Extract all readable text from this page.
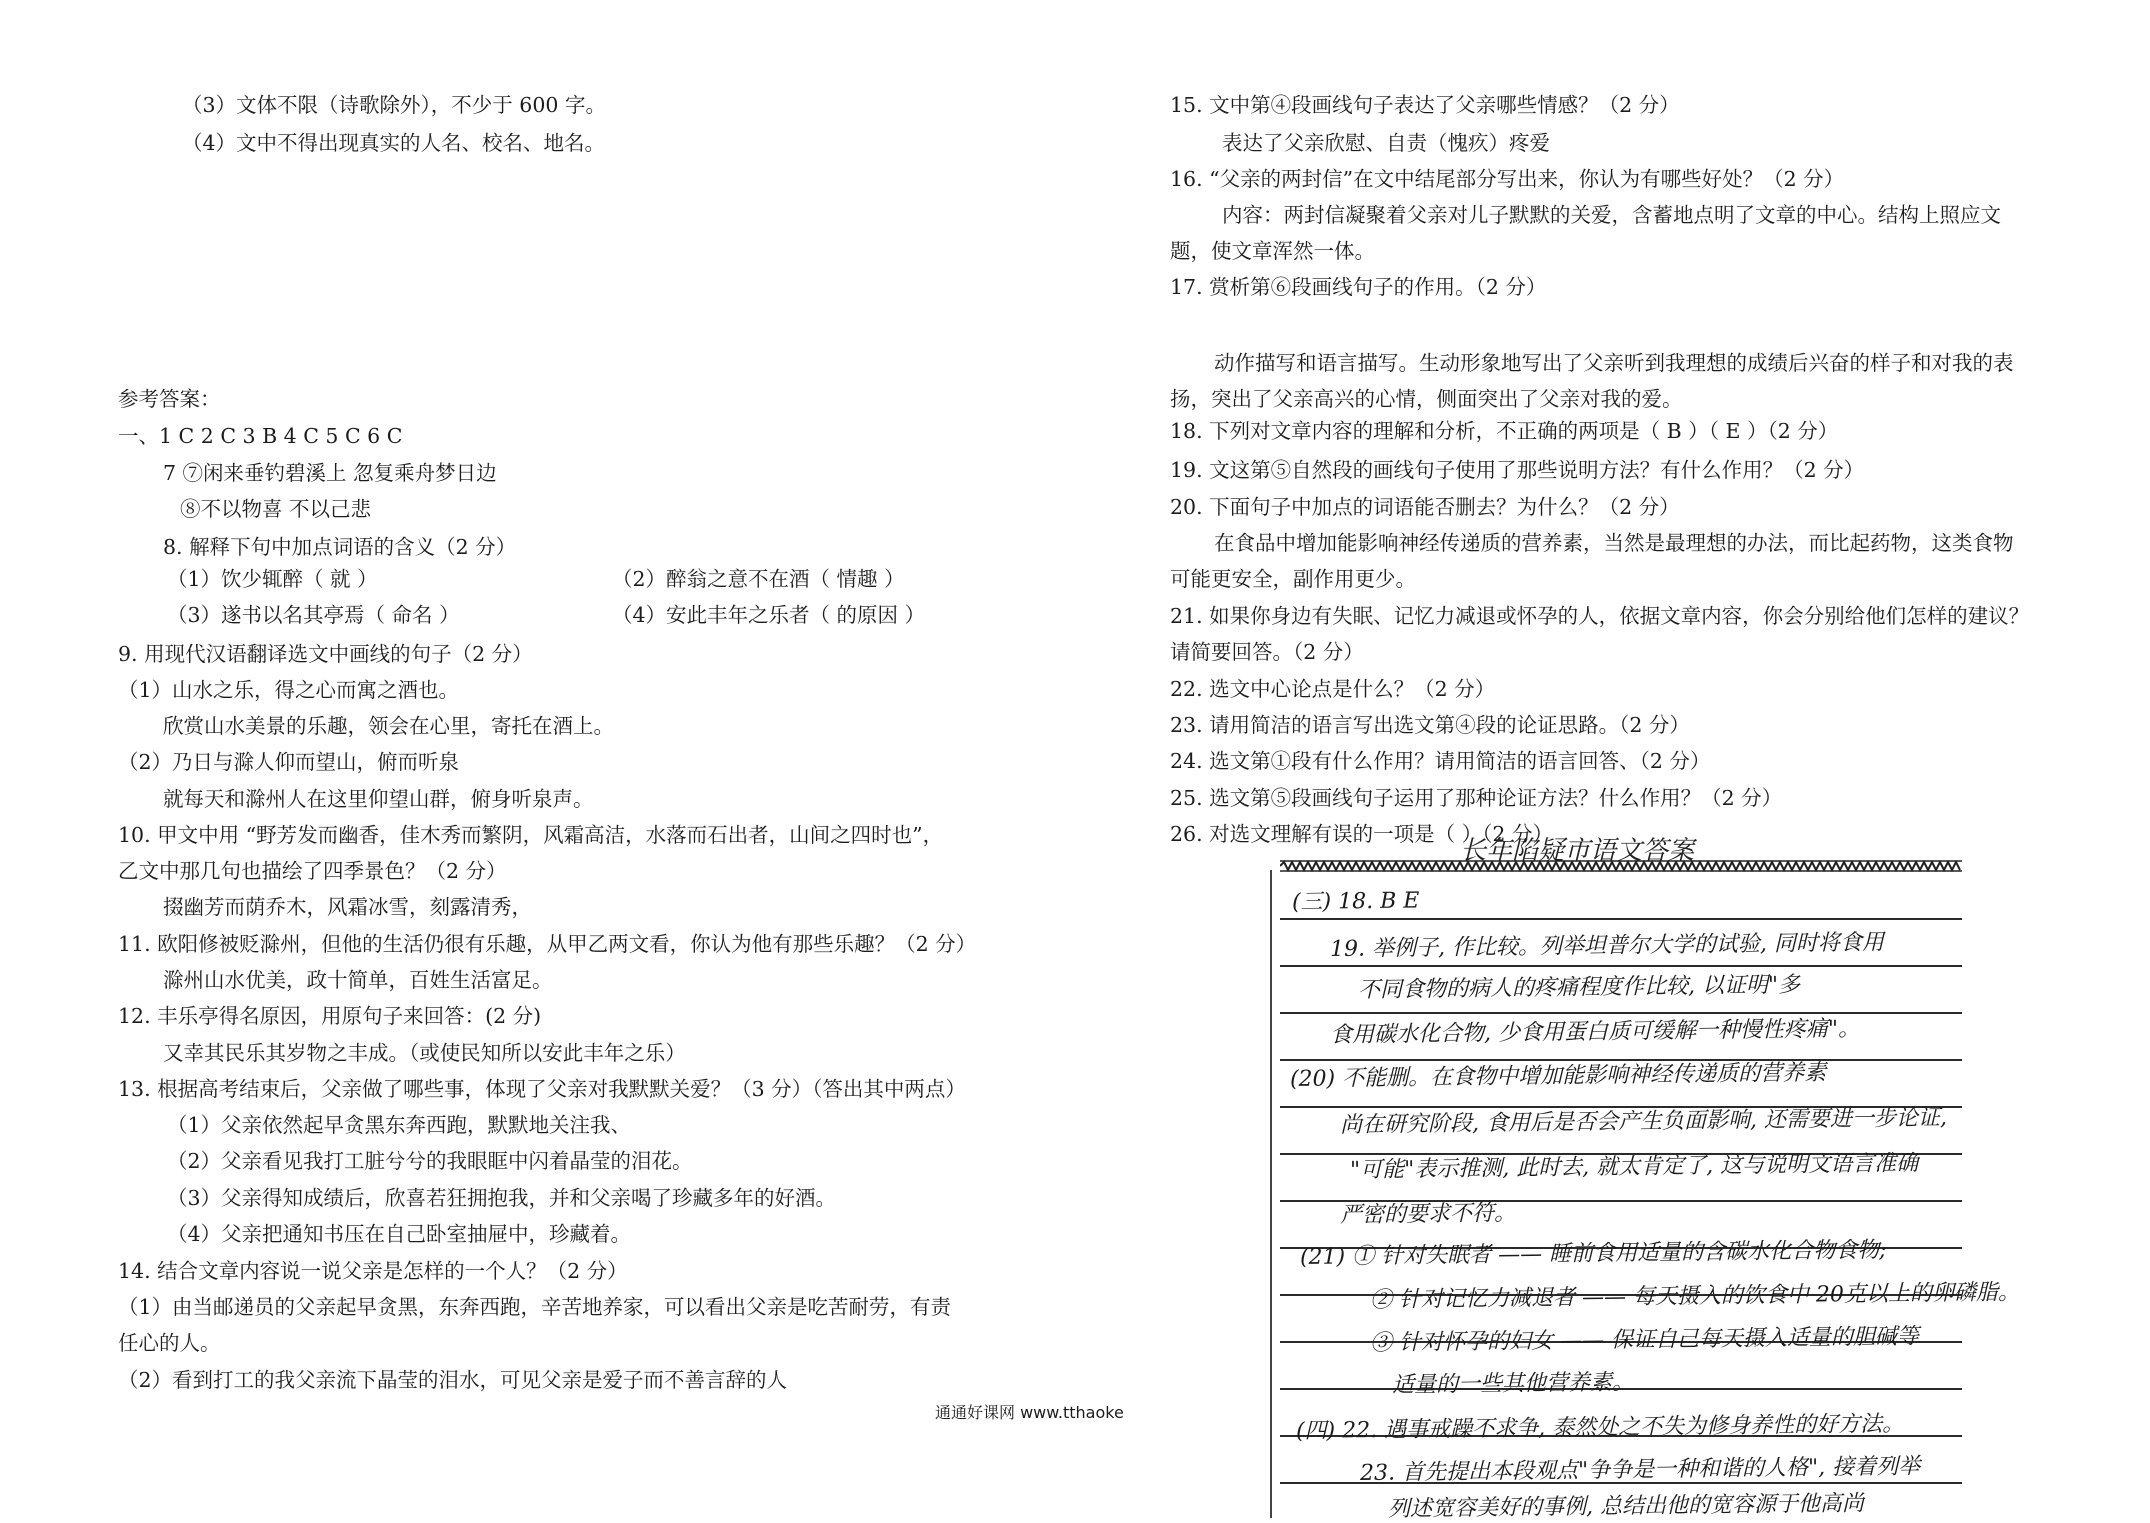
（3）文体不限（诗歌除外），不少于 600 字。
（4）文中不得出现真实的人名、校名、地名。
参考答案：
一、1 C 2 C 3 B 4 C 5 C 6 C
7 ⑦闲来垂钓碧溪上 忽复乘舟梦日边
⑧不以物喜 不以己悲
8. 解释下句中加点词语的含义（2 分）
（1）饮少辄醉（ 就 ）	（2）醉翁之意不在酒（ 情趣 ）
（3）遂书以名其亭焉（ 命名 ）	（4）安此丰年之乐者（ 的原因 ）
9. 用现代汉语翻译选文中画线的句子（2 分）
（1）山水之乐，得之心而寓之酒也。
欣赏山水美景的乐趣，领会在心里，寄托在酒上。
（2）乃日与滁人仰而望山，俯而听泉
就每天和滁州人在这里仰望山群，俯身听泉声。
10. 甲文中用 “野芳发而幽香，佳木秀而繁阴，风霜高洁，水落而石出者，山间之四时也”，
乙文中那几句也描绘了四季景色？（2 分）
掇幽芳而荫乔木，风霜冰雪，刻露清秀，
11. 欧阳修被贬滁州，但他的生活仍很有乐趣，从甲乙两文看，你认为他有那些乐趣？（2 分）
滁州山水优美，政十简单，百姓生活富足。
12. 丰乐亭得名原因，用原句子来回答：(2 分)
又幸其民乐其岁物之丰成。（或使民知所以安此丰年之乐）
13. 根据高考结束后，父亲做了哪些事，体现了父亲对我默默关爱？（3 分）（答出其中两点）
（1）父亲依然起早贪黑东奔西跑，默默地关注我、
（2）父亲看见我打工脏兮兮的我眼眶中闪着晶莹的泪花。
（3）父亲得知成绩后，欣喜若狂拥抱我，并和父亲喝了珍藏多年的好酒。
（4）父亲把通知书压在自己卧室抽屉中，珍藏着。
14. 结合文章内容说一说父亲是怎样的一个人？（2 分）
（1）由当邮递员的父亲起早贪黑，东奔西跑，辛苦地养家，可以看出父亲是吃苦耐劳，有责
任心的人。
（2）看到打工的我父亲流下晶莹的泪水，可见父亲是爱子而不善言辞的人
通通好课网 www.tthaoke
15. 文中第④段画线句子表达了父亲哪些情感？（2 分）
表达了父亲欣慰、自责（愧疚）疼爱
16. “父亲的两封信”在文中结尾部分写出来，你认为有哪些好处？（2 分）
内容：两封信凝聚着父亲对儿子默默的关爱，含蓄地点明了文章的中心。结构上照应文
题，使文章浑然一体。
17. 赏析第⑥段画线句子的作用。（2 分）
动作描写和语言描写。生动形象地写出了父亲听到我理想的成绩后兴奋的样子和对我的表
扬，突出了父亲高兴的心情，侧面突出了父亲对我的爱。
18. 下列对文章内容的理解和分析，不正确的两项是（ B ）（ E ）（2 分）
19. 文这第⑤自然段的画线句子使用了那些说明方法？有什么作用？（2 分）
20. 下面句子中加点的词语能否删去？为什么？（2 分）
在食品中增加能影响神经传递质的营养素，当然是最理想的办法，而比起药物，这类食物
可能更安全，副作用更少。
21. 如果你身边有失眠、记忆力减退或怀孕的人，依据文章内容，你会分别给他们怎样的建议？
请简要回答。（2 分）
22. 选文中心论点是什么？（2 分）
23. 请用简洁的语言写出选文第④段的论证思路。（2 分）
24. 选文第①段有什么作用？请用简洁的语言回答、（2 分）
25. 选文第⑤段画线句子运用了那种论证方法？什么作用？（2 分）
26. 对选文理解有误的一项是（ ）（2 分）
长年陷疑市语文答案
(三) 18. B E
19. 举例子, 作比较。列举坦普尔大学的试验, 同时将食用
不同食物的病人的疼痛程度作比较, 以证明"多
食用碳水化合物, 少食用蛋白质可缓解一种慢性疼痛"。
(20) 不能删。在食物中增加能影响神经传递质的营养素
尚在研究阶段, 食用后是否会产生负面影响, 还需要进一步论证,
"可能"表示推测, 此时去, 就太肯定了, 这与说明文语言准确
严密的要求不符。
(21) ① 针对失眠者 —— 睡前食用适量的含碳水化合物食物;
② 针对记忆力减退者 —— 每天摄入的饮食中 20克以上的卵磷脂。
③ 针对怀孕的妇女 —— 保证自己每天摄入适量的胆碱等
适量的一些其他营养素。
(四) 22. 遇事戒躁不求争, 泰然处之不失为修身养性的好方法。
23. 首先提出本段观点"争争是一种和谐的人格", 接着列举
列述宽容美好的事例, 总结出他的宽容源于他高尚
